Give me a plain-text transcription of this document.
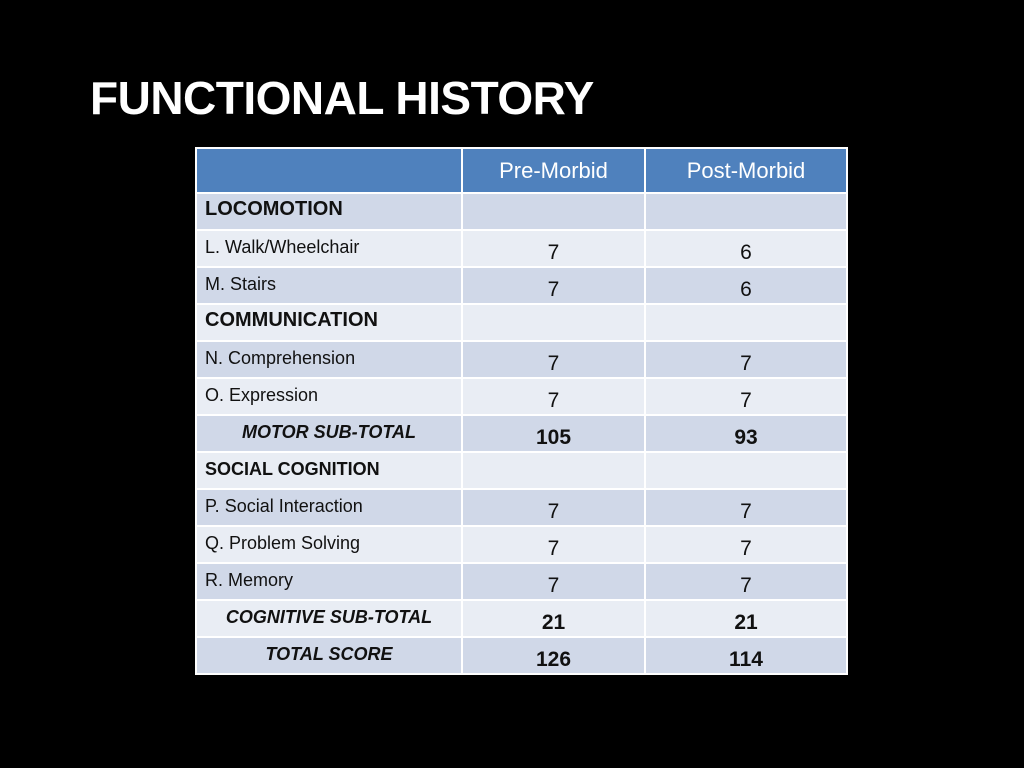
FUNCTIONAL HISTORY
	Pre-Morbid	Post-Morbid
LOCOMOTION		
L. Walk/Wheelchair	7	6
M. Stairs	7	6
COMMUNICATION		
N. Comprehension	7	7
O. Expression	7	7
MOTOR SUB-TOTAL	105	93
SOCIAL COGNITION		
P. Social Interaction	7	7
Q. Problem Solving	7	7
R. Memory	7	7
COGNITIVE SUB-TOTAL	21	21
TOTAL SCORE	126	114
